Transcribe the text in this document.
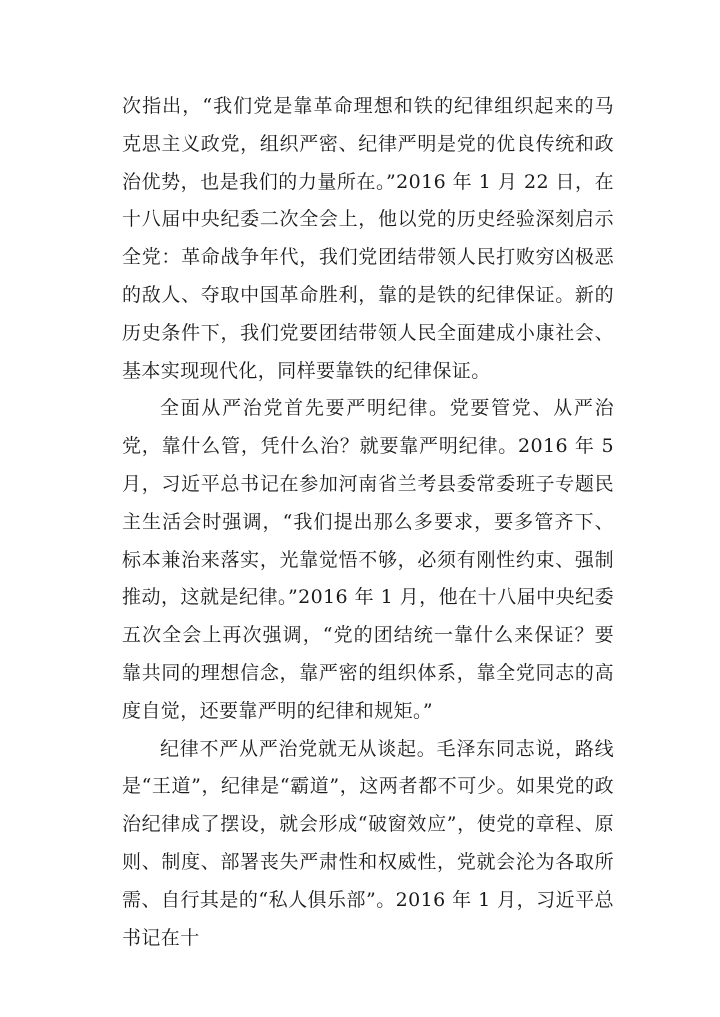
次指出，“我们党是靠革命理想和铁的纪律组织起来的马克思主义政党，组织严密、纪律严明是党的优良传统和政治优势，也是我们的力量所在。”2016 年 1 月 22 日，在十八届中央纪委二次全会上，他以党的历史经验深刻启示全党：革命战争年代，我们党团结带领人民打败穷凶极恶的敌人、夺取中国革命胜利，靠的是铁的纪律保证。新的历史条件下，我们党要团结带领人民全面建成小康社会、基本实现现代化，同样要靠铁的纪律保证。

全面从严治党首先要严明纪律。党要管党、从严治党，靠什么管，凭什么治？就要靠严明纪律。2016 年 5 月，习近平总书记在参加河南省兰考县委常委班子专题民主生活会时强调，“我们提出那么多要求，要多管齐下、标本兼治来落实，光靠觉悟不够，必须有刚性约束、强制推动，这就是纪律。”2016 年 1 月，他在十八届中央纪委五次全会上再次强调，“党的团结统一靠什么来保证？要靠共同的理想信念，靠严密的组织体系，靠全党同志的高度自觉，还要靠严明的纪律和规矩。”

纪律不严从严治党就无从谈起。毛泽东同志说，路线是“王道”，纪律是“霸道”，这两者都不可少。如果党的政治纪律成了摆设，就会形成“破窗效应”，使党的章程、原则、制度、部署丧失严肃性和权威性，党就会沦为各取所需、自行其是的“私人俱乐部”。2016 年 1 月，习近平总书记在十
